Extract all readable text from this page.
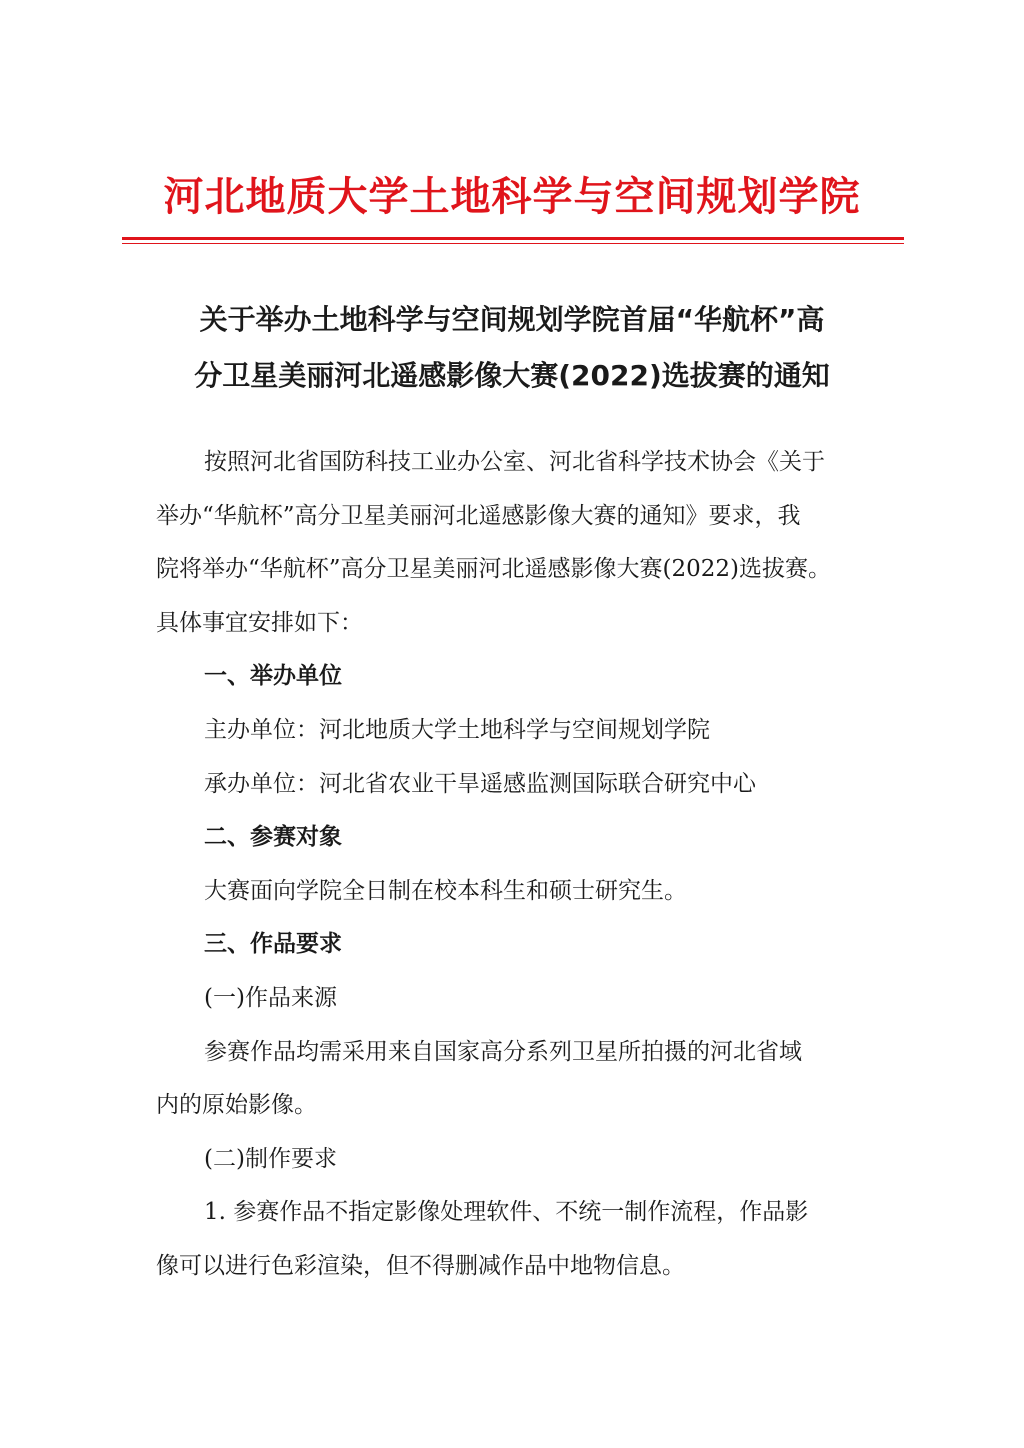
河北地质大学土地科学与空间规划学院
关于举办土地科学与空间规划学院首届“华航杯”高
分卫星美丽河北遥感影像大赛(2022)选拔赛的通知
按照河北省国防科技工业办公室、河北省科学技术协会《关于
举办“华航杯”高分卫星美丽河北遥感影像大赛的通知》要求，我
院将举办“华航杯”高分卫星美丽河北遥感影像大赛(2022)选拔赛。
具体事宜安排如下：
一、举办单位
主办单位：河北地质大学土地科学与空间规划学院
承办单位：河北省农业干旱遥感监测国际联合研究中心
二、参赛对象
大赛面向学院全日制在校本科生和硕士研究生。
三、作品要求
(一)作品来源
参赛作品均需采用来自国家高分系列卫星所拍摄的河北省域
内的原始影像。
(二)制作要求
1. 参赛作品不指定影像处理软件、不统一制作流程，作品影
像可以进行色彩渲染，但不得删减作品中地物信息。
